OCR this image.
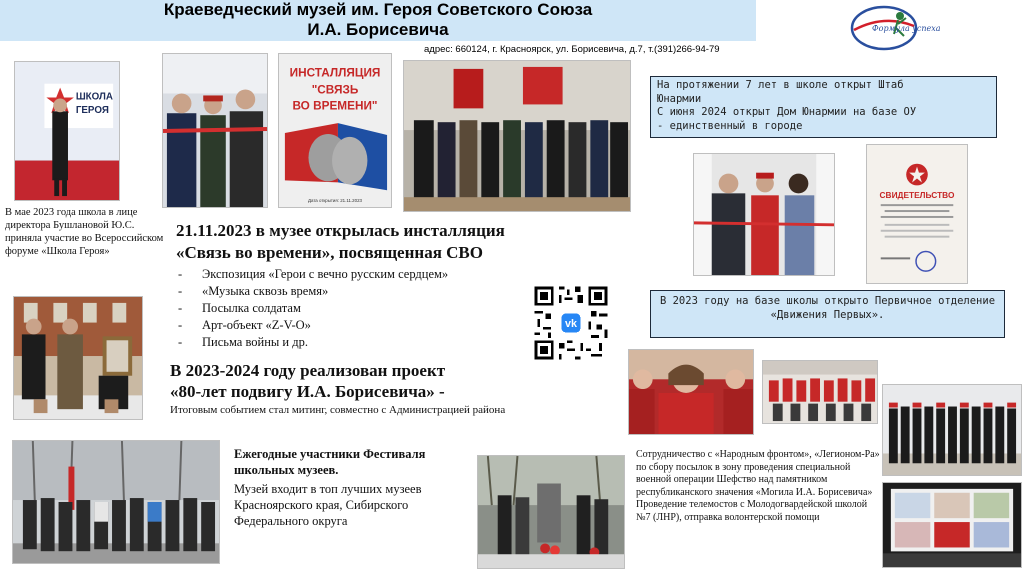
Краеведческий музей им. Героя Советского Союза
И.А. Борисевича
адрес: 660124, г. Красноярск, ул. Борисевича, д.7, т.(391)266-94-79
Формула успеха
ШКОЛА
ГЕРОЯ
ИНСТАЛЛЯЦИЯ
"СВЯЗЬ
ВО ВРЕМЕНИ"
Дата открытия: 21.11.2023
На протяжении 7 лет в школе открыт Штаб
Юнармии
С июня 2024 открыт Дом Юнармии на базе ОУ
- единственный в городе
СВИДЕТЕЛЬСТВО
В 2023 году на базе школы открыто Первичное отделение «Движения Первых».
В мае 2023 года школа в лице директора Бушлановой Ю.С. приняла участие во Всероссийском форуме «Школа Героя»
21.11.2023 в музее открылась инсталляция
«Связь во времени», посвященная СВО
- Экспозиция «Герои с вечно русским сердцем»
- «Музыка сквозь время»
- Посылка солдатам
- Арт-объект «Z-V-O»
- Письма войны и др.
vk
В 2023-2024 году реализован проект
«80-лет подвигу И.А. Борисевича» -
Итоговым событием стал митинг, совместно с Администрацией района
Ежегодные участники Фестиваля
школьных музеев.
Музей входит в топ лучших музеев Красноярского края, Сибирского Федерального округа
Сотрудничество с «Народным фронтом», «Легионом-Ра» по сбору посылок в зону проведения специальной военной операции Шефство над памятником республиканского значения «Могила И.А. Борисевича» Проведение телемостов с Молодогвардейской школой №7 (ЛНР), отправка волонтерской помощи
